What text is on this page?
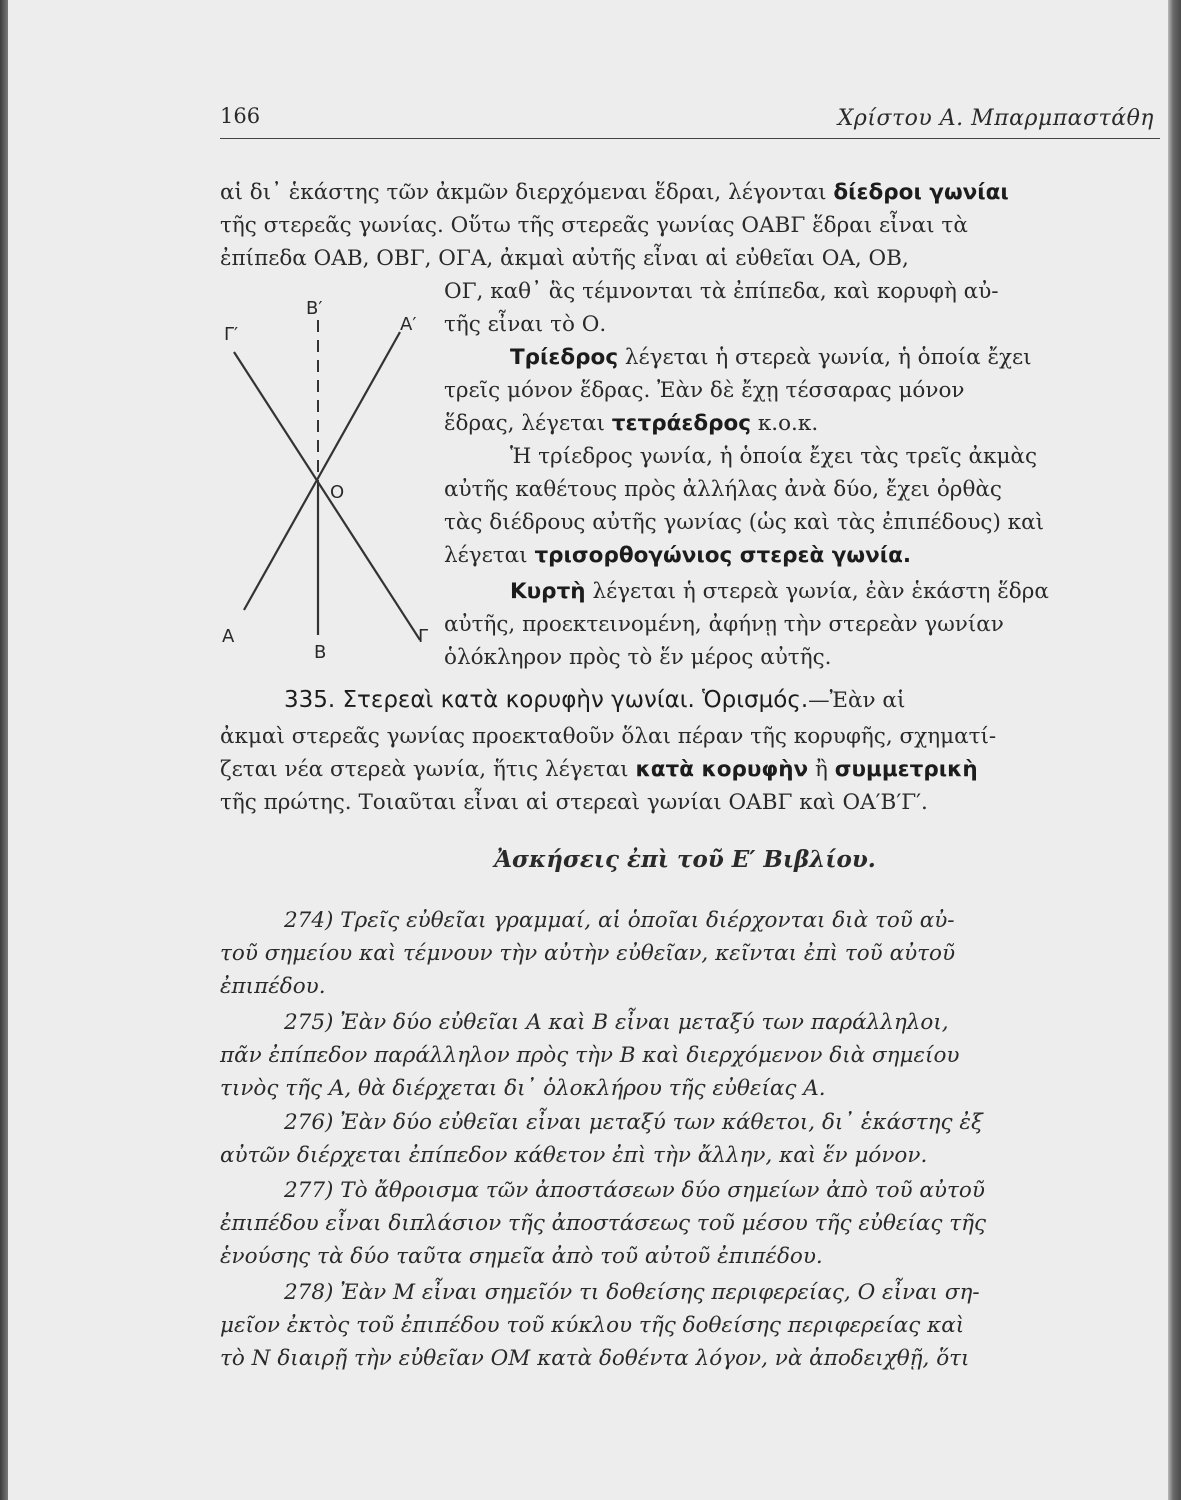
166	Χρίστου Α. Μπαρμπαστάθη
αἱ δι᾽ ἑκάστης τῶν ἀκμῶν διερχόμεναι ἕδραι, λέγονται δίεδροι γωνίαι
τῆς στερεᾶς γωνίας. Οὕτω τῆς στερεᾶς γωνίας ΟΑΒΓ ἕδραι εἶναι τὰ
ἐπίπεδα ΟΑΒ, ΟΒΓ, ΟΓΑ, ἀκμαὶ αὐτῆς εἶναι αἱ εὐθεῖαι ΟΑ, ΟΒ,
ΟΓ, καθ᾽ ἃς τέμνονται τὰ ἐπίπεδα, καὶ κορυφὴ αὐ-
τῆς εἶναι τὸ Ο.
Β′
Γ′	Α′
Ο
Α
Β
Γ
Τρίεδρος λέγεται ἡ στερεὰ γωνία, ἡ ὁποία ἔχει
τρεῖς μόνον ἕδρας. Ἐὰν δὲ ἔχῃ τέσσαρας μόνον
ἕδρας, λέγεται τετράεδρος κ.ο.κ.
Ἡ τρίεδρος γωνία, ἡ ὁποία ἔχει τὰς τρεῖς ἀκμὰς
αὐτῆς καθέτους πρὸς ἀλλήλας ἀνὰ δύο, ἔχει ὀρθὰς
τὰς διέδρους αὐτῆς γωνίας (ὡς καὶ τὰς ἐπιπέδους) καὶ
λέγεται τρισορθογώνιος στερεὰ γωνία.
Κυρτὴ λέγεται ἡ στερεὰ γωνία, ἐὰν ἑκάστη ἕδρα
αὐτῆς, προεκτεινομένη, ἀφήνῃ τὴν στερεὰν γωνίαν
ὁλόκληρον πρὸς τὸ ἕν μέρος αὐτῆς.
335. Στερεαὶ κατὰ κορυφὴν γωνίαι. Ὁρισμός.—Ἐὰν αἱ
ἀκμαὶ στερεᾶς γωνίας προεκταθοῦν ὅλαι πέραν τῆς κορυφῆς, σχηματί-
ζεται νέα στερεὰ γωνία, ἥτις λέγεται κατὰ κορυφὴν ἢ συμμετρικὴ
τῆς πρώτης. Τοιαῦται εἶναι αἱ στερεαὶ γωνίαι ΟΑΒΓ καὶ ΟΑ′Β′Γ′.
Ἀσκήσεις ἐπὶ τοῦ Ε′ Βιβλίου.
274) Τρεῖς εὐθεῖαι γραμμαί, αἱ ὁποῖαι διέρχονται διὰ τοῦ αὐ-
τοῦ σημείου καὶ τέμνουν τὴν αὐτὴν εὐθεῖαν, κεῖνται ἐπὶ τοῦ αὐτοῦ
ἐπιπέδου.
275) Ἐὰν δύο εὐθεῖαι Α καὶ Β εἶναι μεταξύ των παράλληλοι,
πᾶν ἐπίπεδον παράλληλον πρὸς τὴν Β καὶ διερχόμενον διὰ σημείου
τινὸς τῆς Α, θὰ διέρχεται δι᾽ ὁλοκλήρου τῆς εὐθείας Α.
276) Ἐὰν δύο εὐθεῖαι εἶναι μεταξύ των κάθετοι, δι᾽ ἑκάστης ἐξ
αὐτῶν διέρχεται ἐπίπεδον κάθετον ἐπὶ τὴν ἄλλην, καὶ ἕν μόνον.
277) Τὸ ἄθροισμα τῶν ἀποστάσεων δύο σημείων ἀπὸ τοῦ αὐτοῦ
ἐπιπέδου εἶναι διπλάσιον τῆς ἀποστάσεως τοῦ μέσου τῆς εὐθείας τῆς
ἑνούσης τὰ δύο ταῦτα σημεῖα ἀπὸ τοῦ αὐτοῦ ἐπιπέδου.
278) Ἐὰν Μ εἶναι σημεῖόν τι δοθείσης περιφερείας, Ο εἶναι ση-
μεῖον ἐκτὸς τοῦ ἐπιπέδου τοῦ κύκλου τῆς δοθείσης περιφερείας καὶ
τὸ Ν διαιρῇ τὴν εὐθεῖαν ΟΜ κατὰ δοθέντα λόγον, νὰ ἀποδειχθῇ, ὅτι
